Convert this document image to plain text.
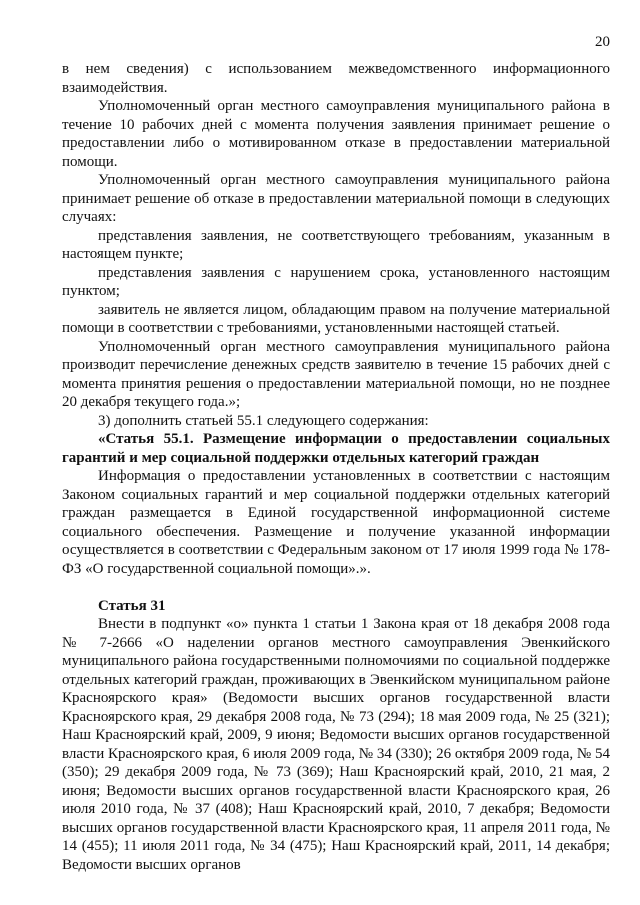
20

в нем сведения) с использованием межведомственного информационного взаимодействия.

Уполномоченный орган местного самоуправления муниципального района в течение 10 рабочих дней с момента получения заявления принимает решение о предоставлении либо о мотивированном отказе в предоставлении материальной помощи.

Уполномоченный орган местного самоуправления муниципального района принимает решение об отказе в предоставлении материальной помощи в следующих случаях:

представления заявления, не соответствующего требованиям, указанным в настоящем пункте;

представления заявления с нарушением срока, установленного настоящим пунктом;

заявитель не является лицом, обладающим правом на получение материальной помощи в соответствии с требованиями, установленными настоящей статьей.

Уполномоченный орган местного самоуправления муниципального района производит перечисление денежных средств заявителю в течение 15 рабочих дней с момента принятия решения о предоставлении материальной помощи, но не позднее 20 декабря текущего года.»;

3) дополнить статьей 55.1 следующего содержания:

«Статья 55.1. Размещение информации о предоставлении социальных гарантий и мер социальной поддержки отдельных категорий граждан

Информация о предоставлении установленных в соответствии с настоящим Законом социальных гарантий и мер социальной поддержки отдельных категорий граждан размещается в Единой государственной информационной системе социального обеспечения. Размещение и получение указанной информации осуществляется в соответствии с Федеральным законом от 17 июля 1999 года № 178-ФЗ «О государственной социальной помощи».».

Статья 31

Внести в подпункт «о» пункта 1 статьи 1 Закона края от 18 декабря 2008 года № 7-2666 «О наделении органов местного самоуправления Эвенкийского муниципального района государственными полномочиями по социальной поддержке отдельных категорий граждан, проживающих в Эвенкийском муниципальном районе Красноярского края» (Ведомости высших органов государственной власти Красноярского края, 29 декабря 2008 года, № 73 (294); 18 мая 2009 года, № 25 (321); Наш Красноярский край, 2009, 9 июня; Ведомости высших органов государственной власти Красноярского края, 6 июля 2009 года, № 34 (330); 26 октября 2009 года, № 54 (350); 29 декабря 2009 года, № 73 (369); Наш Красноярский край, 2010, 21 мая, 2 июня; Ведомости высших органов государственной власти Красноярского края, 26 июля 2010 года, № 37 (408); Наш Красноярский край, 2010, 7 декабря; Ведомости высших органов государственной власти Красноярского края, 11 апреля 2011 года, № 14 (455); 11 июля 2011 года, № 34 (475); Наш Красноярский край, 2011, 14 декабря; Ведомости высших органов
